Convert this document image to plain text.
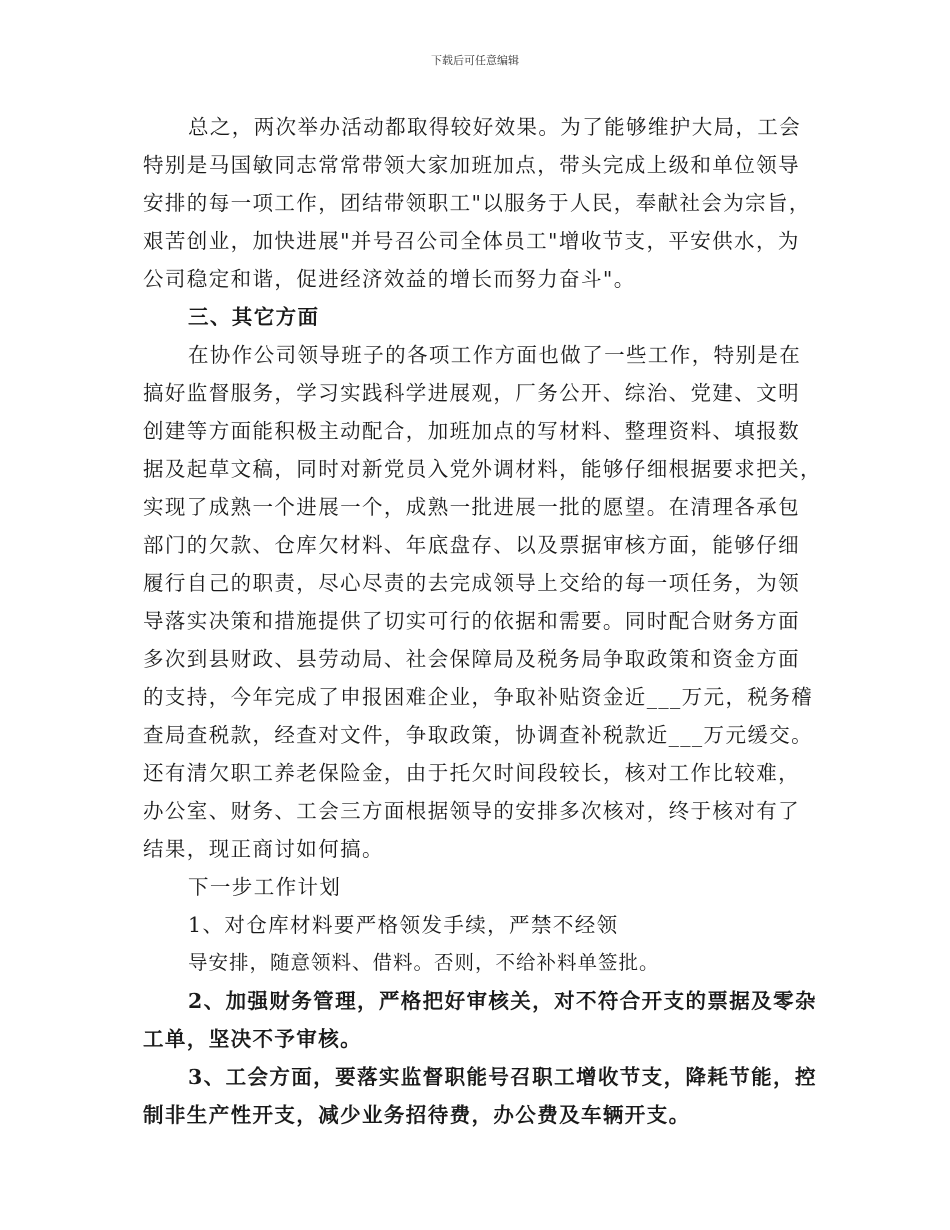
下载后可任意编辑
总之，两次举办活动都取得较好效果。为了能够维护大局，工会
特别是马国敏同志常常带领大家加班加点，带头完成上级和单位领导
安排的每一项工作，团结带领职工"以服务于人民，奉献社会为宗旨，
艰苦创业，加快进展"并号召公司全体员工"增收节支，平安供水，为
公司稳定和谐，促进经济效益的增长而努力奋斗"。
三、其它方面
在协作公司领导班子的各项工作方面也做了一些工作，特别是在
搞好监督服务，学习实践科学进展观，厂务公开、综治、党建、文明
创建等方面能积极主动配合，加班加点的写材料、整理资料、填报数
据及起草文稿，同时对新党员入党外调材料，能够仔细根据要求把关，
实现了成熟一个进展一个，成熟一批进展一批的愿望。在清理各承包
部门的欠款、仓库欠材料、年底盘存、以及票据审核方面，能够仔细
履行自己的职责，尽心尽责的去完成领导上交给的每一项任务，为领
导落实决策和措施提供了切实可行的依据和需要。同时配合财务方面
多次到县财政、县劳动局、社会保障局及税务局争取政策和资金方面
的支持，今年完成了申报困难企业，争取补贴资金近___万元，税务稽
查局查税款，经查对文件，争取政策，协调查补税款近___万元缓交。
还有清欠职工养老保险金，由于托欠时间段较长，核对工作比较难，
办公室、财务、工会三方面根据领导的安排多次核对，终于核对有了
结果，现正商讨如何搞。
下一步工作计划
1、对仓库材料要严格领发手续，严禁不经领
导安排，随意领料、借料。否则，不给补料单签批。
2、加强财务管理，严格把好审核关，对不符合开支的票据及零杂
工单，坚决不予审核。
3、工会方面，要落实监督职能号召职工增收节支，降耗节能，控
制非生产性开支，减少业务招待费，办公费及车辆开支。
